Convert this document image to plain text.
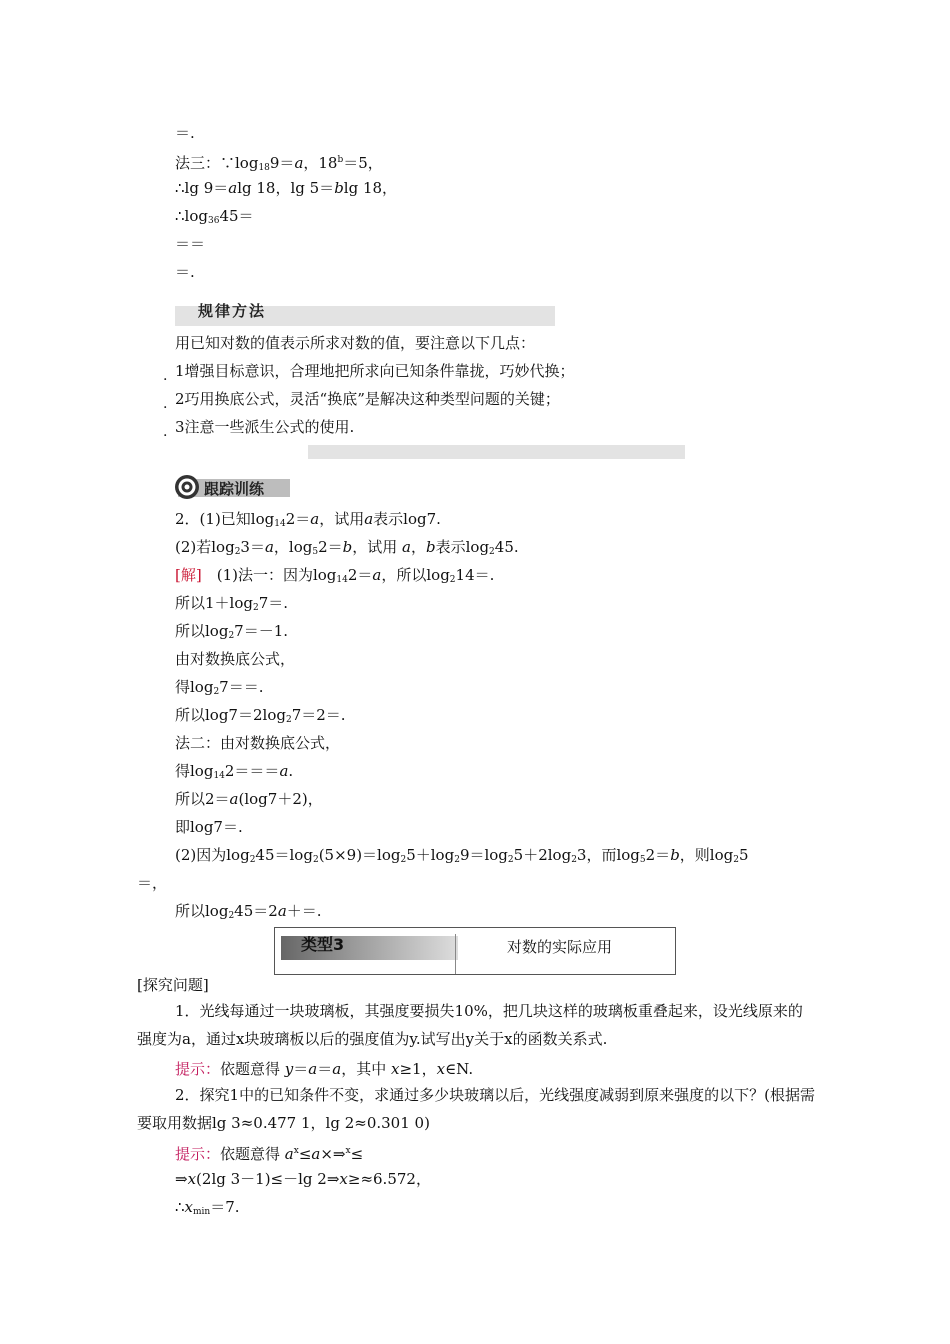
＝.
法三：$\because\log_{18}9=a$，$18^b=5$，
∴lg 9＝alg 18，lg 5＝blg 18，
$\therefore\log_{36}45=$
＝＝
＝.
规律方法
用已知对数的值表示所求对数的值，要注意以下几点：
. 1增强目标意识，合理地把所求向已知条件靠拢，巧妙代换；
. 2巧用换底公式，灵活“换底”是解决这种类型问题的关键；
. 3注意一些派生公式的使用.
跟踪训练
2．(1)已知$\log_{14}2=a$，试用a表示log7.
(2)若$\log_23=a$，$\log_52=b$，试用 a，b表示$\log_245$.
[解]　(1)法一：因为$\log_{14}2=a$，所以$\log_214=$.
所以$1+\log_27=$.
所以$\log_27=-1$.
由对数换底公式，
得$\log_27==$.
所以$\log 7=2\log_27=2=$.
法二：由对数换底公式，
得$\log_{14}2===a$.
所以2＝a(log7＋2)，
即log7＝.
(2)因为$\log_245=\log_2(5\times 9)=\log_25+\log_29=\log_25+2\log_23$，而$\log_52=b$，则$\log_25$
＝，
所以$\log_245=2a+=$.
类型3	对数的实际应用
[探究问题]
1．光线每通过一块玻璃板，其强度要损失10%，把几块这样的玻璃板重叠起来，设光线原来的强度为a，通过x块玻璃板以后的强度值为y.试写出y关于x的函数关系式.
提示：依题意得 y＝a＝a，其中 x≥1，x∈N.
2．探究1中的已知条件不变，求通过多少块玻璃以后，光线强度减弱到原来强度的以下？(根据需要取用数据lg 3≈0.477 1，lg 2≈0.301 0)
提示：依题意得 $a^x\le a\times\Rightarrow^x\le$
⇒x(2lg 3－1)≤－lg 2⇒x≥≈6.572，
$\therefore x_{min}=7$.
